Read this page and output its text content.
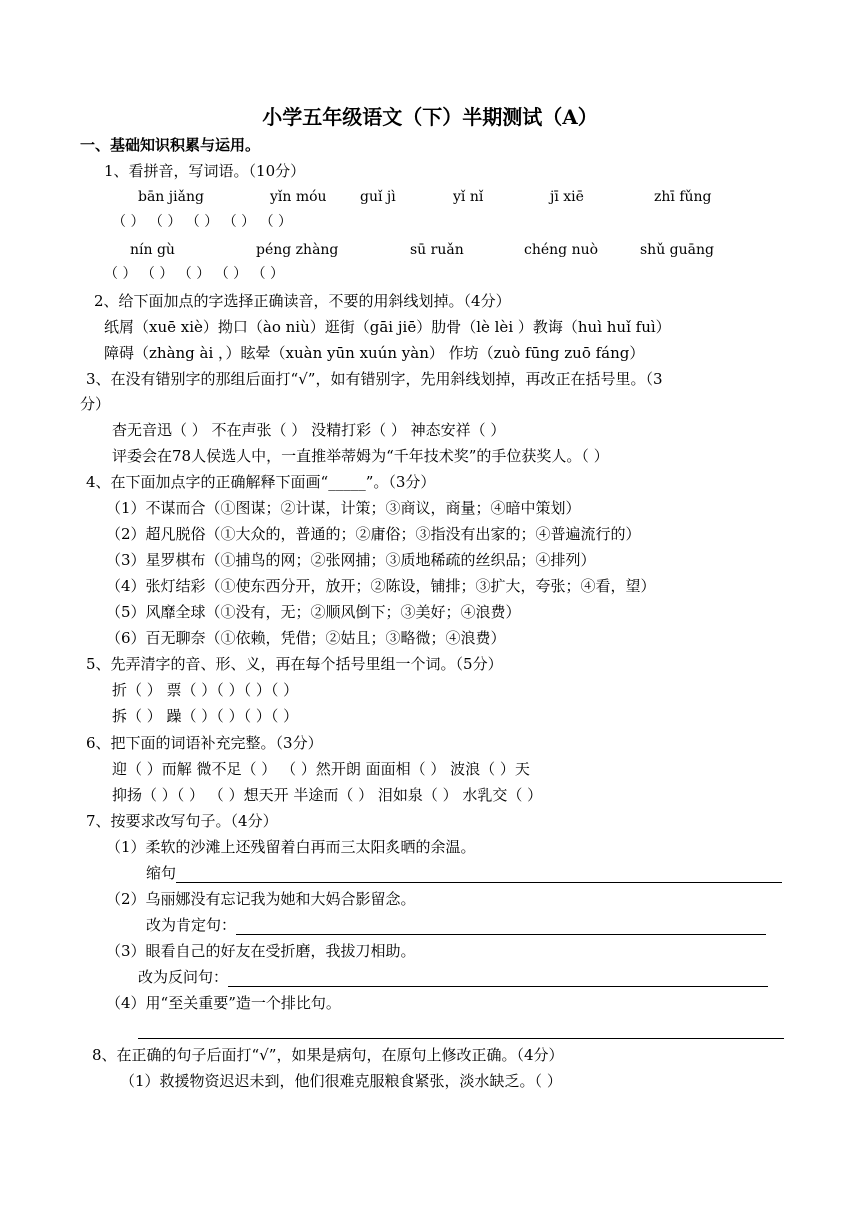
小学五年级语文（下）半期测试（A）
一、基础知识积累与运用。
1、看拼音，写词语。（10分）
bān jiǎng	yǐn móu guǐ jì	yǐ nǐ	jī xiē	zhī fǔng
（ ） （ ） （ ） （ ） （ ）
nín gù	péng zhàng	sū ruǎn	chéng nuò	shǔ guāng
（ ） （ ） （ ） （ ） （ ）
2、给下面加点的字选择正确读音，不要的用斜线划掉。（4分）
纸屑（xuē xiè）拗口（ào niù）逛街（gāi jiē）肋骨（lè lèi ）教诲（huì huǐ fuì）
障碍（zhàng ài ，）眩晕（xuàn yūn xuún yàn） 作坊（zuò fūng zuō fáng）
3、在没有错别字的那组后面打“√”，如有错别字，先用斜线划掉，再改正在括号里。（3
分）
杳无音迅（ ） 不在声张（ ） 没精打彩（ ） 神态安祥（ ）
评委会在78人侯选人中，一直推举蒂姆为“千年技术奖”的手位获奖人。（ ）
4、在下面加点字的正确解释下面画“_____”。（3分）
（1）不谋而合（①图谋；②计谋，计策；③商议，商量；④暗中策划）
（2）超凡脱俗（①大众的，普通的；②庸俗；③指没有出家的；④普遍流行的）
（3）星罗棋布（①捕鸟的网；②张网捕；③质地稀疏的丝织品；④排列）
（4）张灯结彩（①使东西分开，放开；②陈设，铺排；③扩大，夸张；④看，望）
（5）风靡全球（①没有，无；②顺风倒下；③美好；④浪费）
（6）百无聊奈（①依赖，凭借；②姑且；③略微；④浪费）
5、先弄清字的音、形、义，再在每个括号里组一个词。（5分）
折（ ） 票（ ）（ ）（ ）（ ）
拆（ ） 躁（ ）（ ）（ ）（ ）
6、把下面的词语补充完整。（3分）
迎（ ）而解 微不足（ ） （ ）然开朗 面面相（ ） 波浪（ ）天
抑扬（ ）（ ） （ ）想天开 半途而（ ） 泪如泉（ ） 水乳交（ ）
7、按要求改写句子。（4分）
（1）柔软的沙滩上还残留着白再而三太阳炙晒的余温。
缩句
（2）乌丽娜没有忘记我为她和大妈合影留念。
改为肯定句：
（3）眼看自己的好友在受折磨，我拔刀相助。
改为反问句：
（4）用“至关重要”造一个排比句。
8、在正确的句子后面打“√”，如果是病句，在原句上修改正确。（4分）
（1）救援物资迟迟未到，他们很难克服粮食紧张，淡水缺乏。（ ）
